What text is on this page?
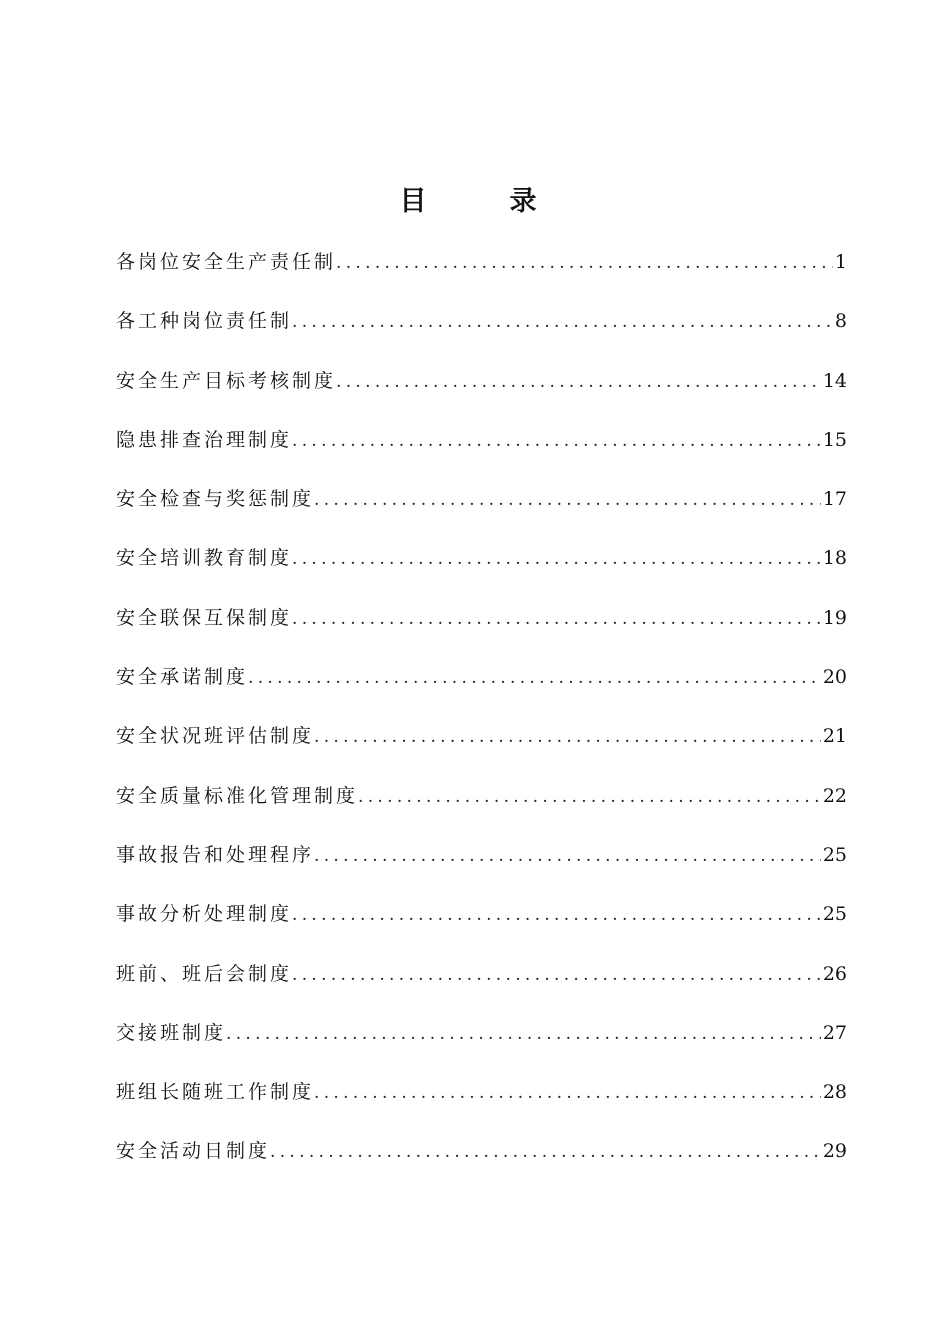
目　录
各岗位安全生产责任制 .....	1
各工种岗位责任制 .....	8
安全生产目标考核制度 .....	14
隐患排查治理制度 .....	15
安全检查与奖惩制度 .....	17
安全培训教育制度 .....	18
安全联保互保制度 .....	19
安全承诺制度 .....	20
安全状况班评估制度 .....	21
安全质量标准化管理制度 .....	22
事故报告和处理程序 .....	25
事故分析处理制度 .....	25
班前、班后会制度 .....	26
交接班制度 .....	27
班组长随班工作制度 .....	28
安全活动日制度 .....	29
